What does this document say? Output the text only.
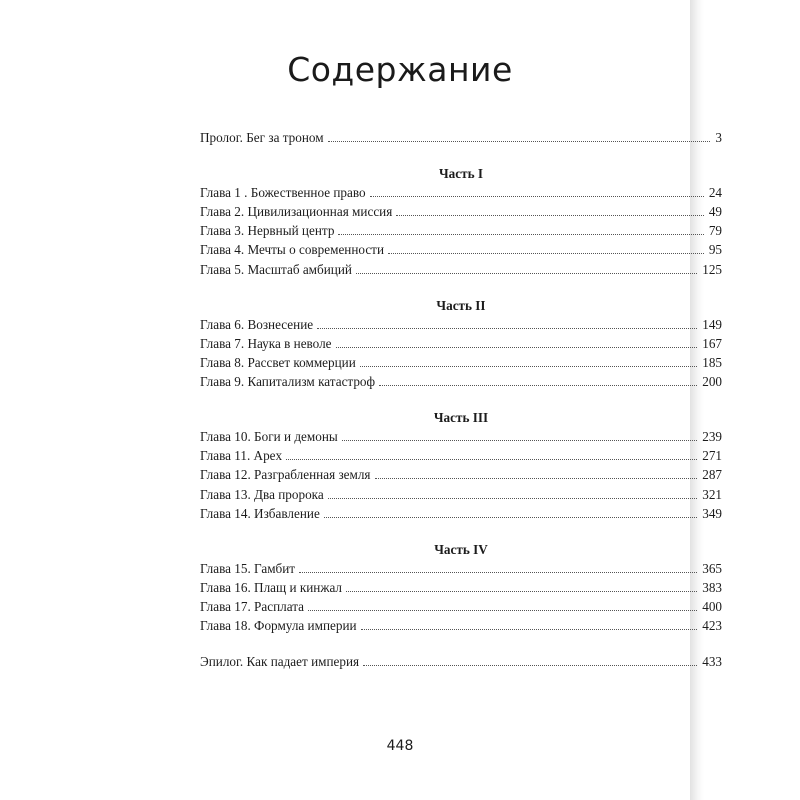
Содержание
Пролог. Бег за троном	3
Часть I
Глава 1 . Божественное право	24
Глава 2. Цивилизационная миссия	49
Глава 3. Нервный центр	79
Глава 4. Мечты о современности	95
Глава 5. Масштаб амбиций	125
Часть II
Глава 6. Вознесение	149
Глава 7. Наука в неволе	167
Глава 8. Рассвет коммерции	185
Глава 9. Капитализм катастроф	200
Часть III
Глава 10. Боги и демоны	239
Глава 11. Apex	271
Глава 12. Разграбленная земля	287
Глава 13. Два пророка	321
Глава 14. Избавление	349
Часть IV
Глава 15. Гамбит	365
Глава 16. Плащ и кинжал	383
Глава 17. Расплата	400
Глава 18. Формула империи	423
Эпилог. Как падает империя	433
448
